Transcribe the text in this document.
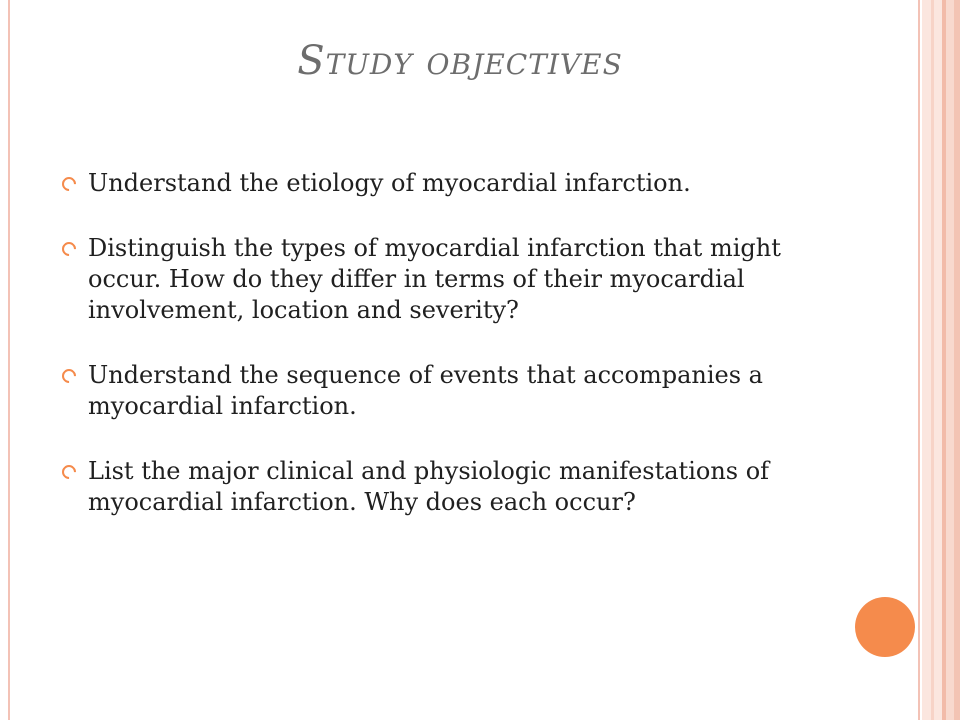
Study objectives
Understand the etiology of myocardial infarction.
Distinguish the types of myocardial infarction that might occur. How do they differ in terms of their myocardial involvement, location and severity?
Understand the sequence of events that accompanies a myocardial infarction.
List the major clinical and physiologic manifestations of myocardial infarction. Why does each occur?
